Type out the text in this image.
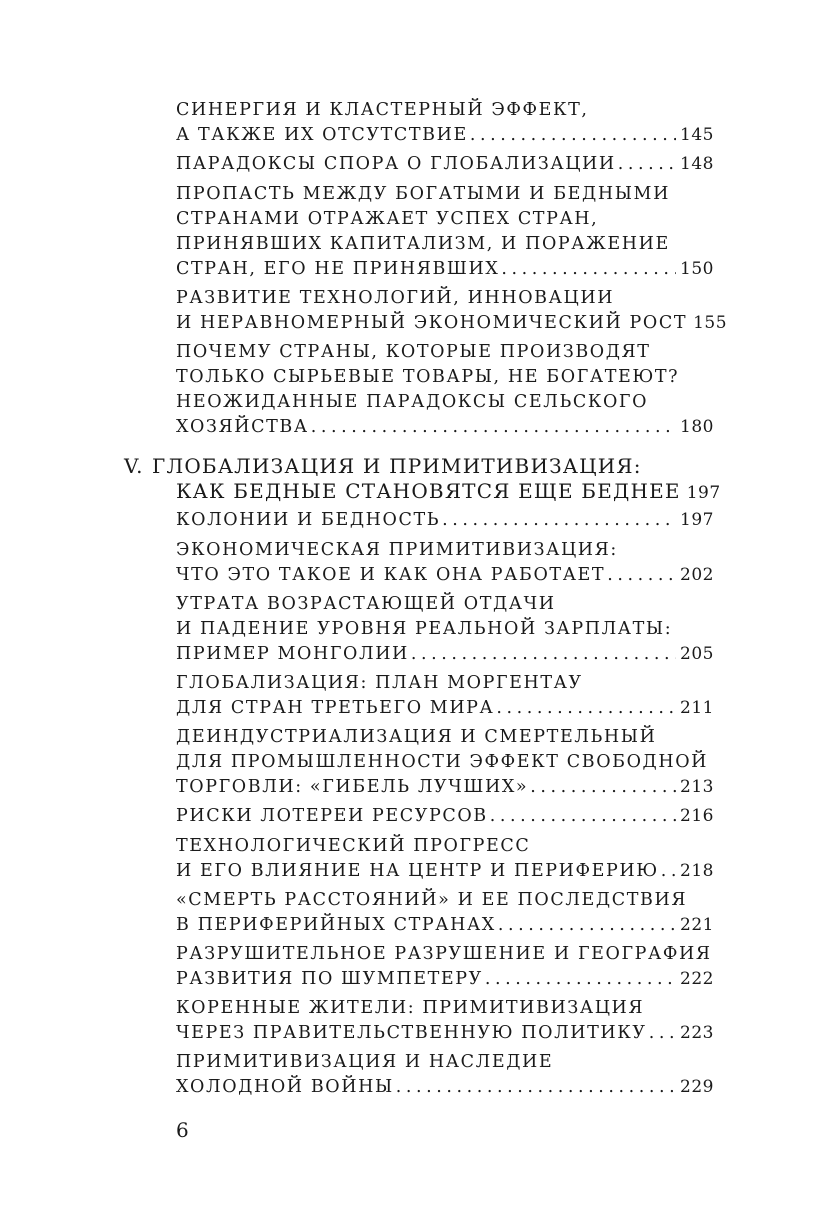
СИНЕРГИЯ И КЛАСТЕРНЫЙ ЭФФЕКТ,
А ТАКЖЕ ИХ ОТСУТСТВИЕ . . .	145
ПАРАДОКСЫ СПОРА О ГЛОБАЛИЗАЦИИ . . .	148
ПРОПАСТЬ МЕЖДУ БОГАТЫМИ И БЕДНЫМИ
СТРАНАМИ ОТРАЖАЕТ УСПЕХ СТРАН,
ПРИНЯВШИХ КАПИТАЛИЗМ, И ПОРАЖЕНИЕ
СТРАН, ЕГО НЕ ПРИНЯВШИХ . . .	150
РАЗВИТИЕ ТЕХНОЛОГИЙ, ИННОВАЦИИ
И НЕРАВНОМЕРНЫЙ ЭКОНОМИЧЕСКИЙ РОСТ 155
ПОЧЕМУ СТРАНЫ, КОТОРЫЕ ПРОИЗВОДЯТ
ТОЛЬКО СЫРЬЕВЫЕ ТОВАРЫ, НЕ БОГАТЕЮТ?
НЕОЖИДАННЫЕ ПАРАДОКСЫ СЕЛЬСКОГО
ХОЗЯЙСТВА . . .	180
V. ГЛОБАЛИЗАЦИЯ И ПРИМИТИВИЗАЦИЯ:
КАК БЕДНЫЕ СТАНОВЯТСЯ ЕЩЕ БЕДНЕЕ 197
КОЛОНИИ И БЕДНОСТЬ . . .	197
ЭКОНОМИЧЕСКАЯ ПРИМИТИВИЗАЦИЯ:
ЧТО ЭТО ТАКОЕ И КАК ОНА РАБОТАЕТ . . .	202
УТРАТА ВОЗРАСТАЮЩЕЙ ОТДАЧИ
И ПАДЕНИЕ УРОВНЯ РЕАЛЬНОЙ ЗАРПЛАТЫ:
ПРИМЕР МОНГОЛИИ . . .	205
ГЛОБАЛИЗАЦИЯ: ПЛАН МОРГЕНТАУ
ДЛЯ СТРАН ТРЕТЬЕГО МИРА . . .	211
ДЕИНДУСТРИАЛИЗАЦИЯ И СМЕРТЕЛЬНЫЙ
ДЛЯ ПРОМЫШЛЕННОСТИ ЭФФЕКТ СВОБОДНОЙ
ТОРГОВЛИ: «ГИБЕЛЬ ЛУЧШИХ» . . .	213
РИСКИ ЛОТЕРЕИ РЕСУРСОВ . . .	216
ТЕХНОЛОГИЧЕСКИЙ ПРОГРЕСС
И ЕГО ВЛИЯНИЕ НА ЦЕНТР И ПЕРИФЕРИЮ . . . 218
«СМЕРТЬ РАССТОЯНИЙ» И ЕЕ ПОСЛЕДСТВИЯ
В ПЕРИФЕРИЙНЫХ СТРАНАХ . . .	221
РАЗРУШИТЕЛЬНОЕ РАЗРУШЕНИЕ И ГЕОГРАФИЯ
РАЗВИТИЯ ПО ШУМПЕТЕРУ . . .	222
КОРЕННЫЕ ЖИТЕЛИ: ПРИМИТИВИЗАЦИЯ
ЧЕРЕЗ ПРАВИТЕЛЬСТВЕННУЮ ПОЛИТИКУ . . . 223
ПРИМИТИВИЗАЦИЯ И НАСЛЕДИЕ
ХОЛОДНОЙ ВОЙНЫ . . .	229
6
